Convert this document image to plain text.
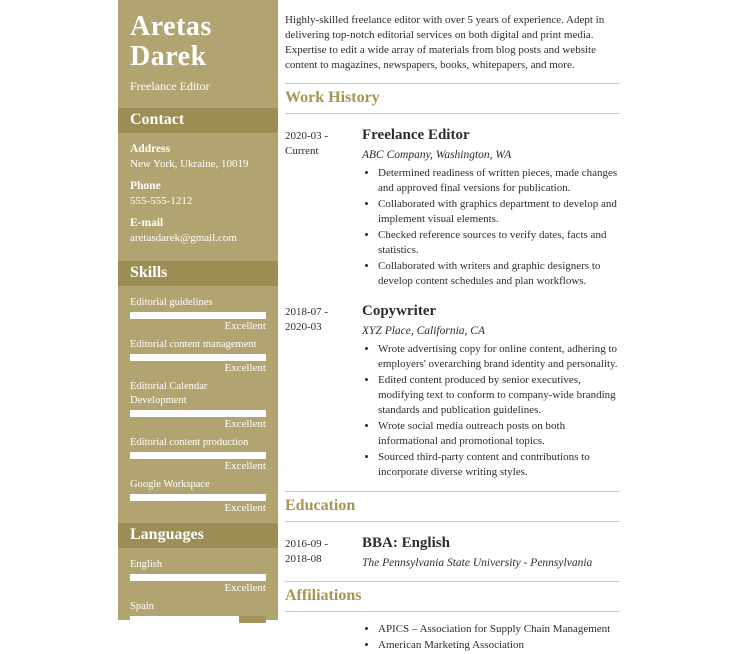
Aretas Darek
Freelance Editor
Contact
Address
New York, Ukraine, 10019
Phone
555-555-1212
E-mail
aretasdarek@gmail.com
Skills
Editorial guidelines
Excellent
Editorial content management
Excellent
Editorial Calendar Development
Excellent
Editorial content production
Excellent
Google Workspace
Excellent
Languages
English
Excellent
Spain
Very Good

Highly-skilled freelance editor with over 5 years of experience. Adept in delivering top-notch editorial services on both digital and print media. Expertise to edit a wide array of materials from blog posts and website content to magazines, newspapers, books, whitepapers, and more.

Work History
2020-03 -
Current
Freelance Editor
ABC Company, Washington, WA
• Determined readiness of written pieces, made changes and approved final versions for publication.
• Collaborated with graphics department to develop and implement visual elements.
• Checked reference sources to verify dates, facts and statistics.
• Collaborated with writers and graphic designers to develop content schedules and plan workflows.
2018-07 -
2020-03
Copywriter
XYZ Place, California, CA
• Wrote advertising copy for online content, adhering to employers' overarching brand identity and personality.
• Edited content produced by senior executives, modifying text to conform to company-wide branding standards and publication guidelines.
• Wrote social media outreach posts on both informational and promotional topics.
• Sourced third-party content and contributions to incorporate diverse writing styles.
Education
2016-09 -
2018-08
BBA: English
The Pennsylvania State University - Pennsylvania
Affiliations
• APICS – Association for Supply Chain Management
• American Marketing Association
